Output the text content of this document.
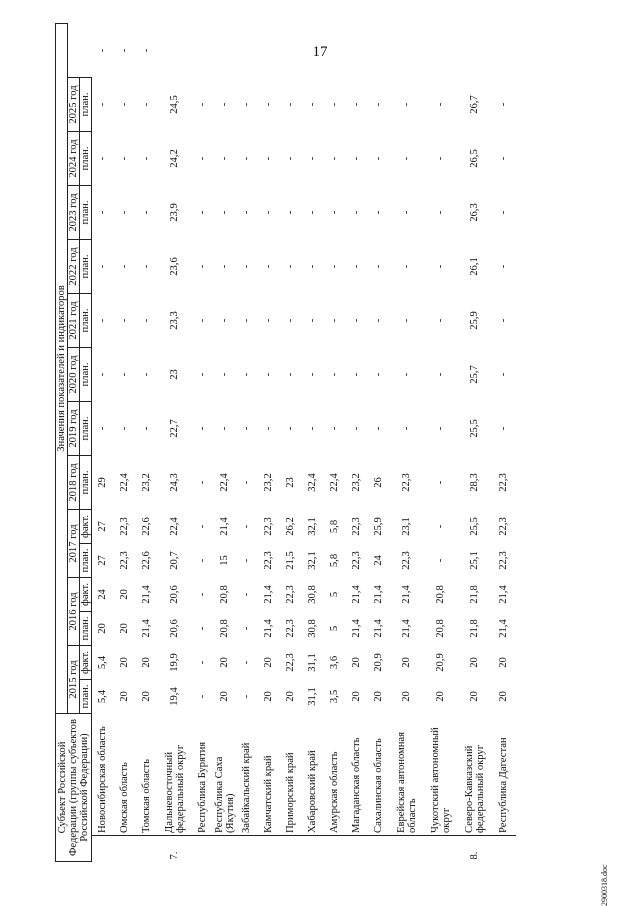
17
Субъект Российской Федерации (группы субъектов Российской Федерации)		Значения показателей и индикаторов														
		2015 год		2016 год		2017 год		2018 год	2019 год	2020 год	2021 год	2022 год	2023 год	2024 год	2025 год	
		план.	факт.	план.	факт.	план.	факт.	план.	план.	план.	план.	план.	план.	план.	план.	
	Новосибирская область	5,4	5,4	20	24	27	27	29	-	-	-	-	-	-	-	-
	Омская область	20	20	20	20	22,3	22,3	22,4	-	-	-	-	-	-	-	-
	Томская область	20	20	21,4	21,4	22,6	22,6	23,2	-	-	-	-	-	-	-	-
7.	Дальневосточный федеральный округ	19,4	19,9	20,6	20,6	20,7	22,4	24,3	22,7	23	23,3	23,6	23,9	24,2	24,5	
	Республика Бурятия	-	-	-	-	-	-	-	-	-	-	-	-	-	-	
	Республика Саха (Якутия)	20	20	20,8	20,8	15	21,4	22,4	-	-	-	-	-	-	-	
	Забайкальский край	-	-	-	-	-	-	-	-	-	-	-	-	-	-	
	Камчатский край	20	20	21,4	21,4	22,3	22,3	23,2	-	-	-	-	-	-	-	
	Приморский край	20	22,3	22,3	22,3	21,5	26,2	23	-	-	-	-	-	-	-	
	Хабаровский край	31,1	31,1	30,8	30,8	32,1	32,1	32,4	-	-	-	-	-	-	-	
	Амурская область	3,5	3,6	5	5	5,8	5,8	22,4	-	-	-	-	-	-	-	
	Магаданская область	20	20	21,4	21,4	22,3	22,3	23,2	-	-	-	-	-	-	-	
	Сахалинская область	20	20,9	21,4	21,4	24	25,9	26	-	-	-	-	-	-	-	
	Еврейская автономная область	20	20	21,4	21,4	22,3	23,1	22,3	-	-	-	-	-	-	-	
	Чукотский автономный округ	20	20,9	20,8	20,8	-	-	-	-	-	-	-	-	-	-	
8.	Северо-Кавказский федеральный округ	20	20	21,8	21,8	25,1	25,5	28,3	25,5	25,7	25,9	26,1	26,3	26,5	26,7	
	Республика Дагестан	20	20	21,4	21,4	22,3	22,3	22,3	-	-	-	-	-	-	-	
2900318.doc
